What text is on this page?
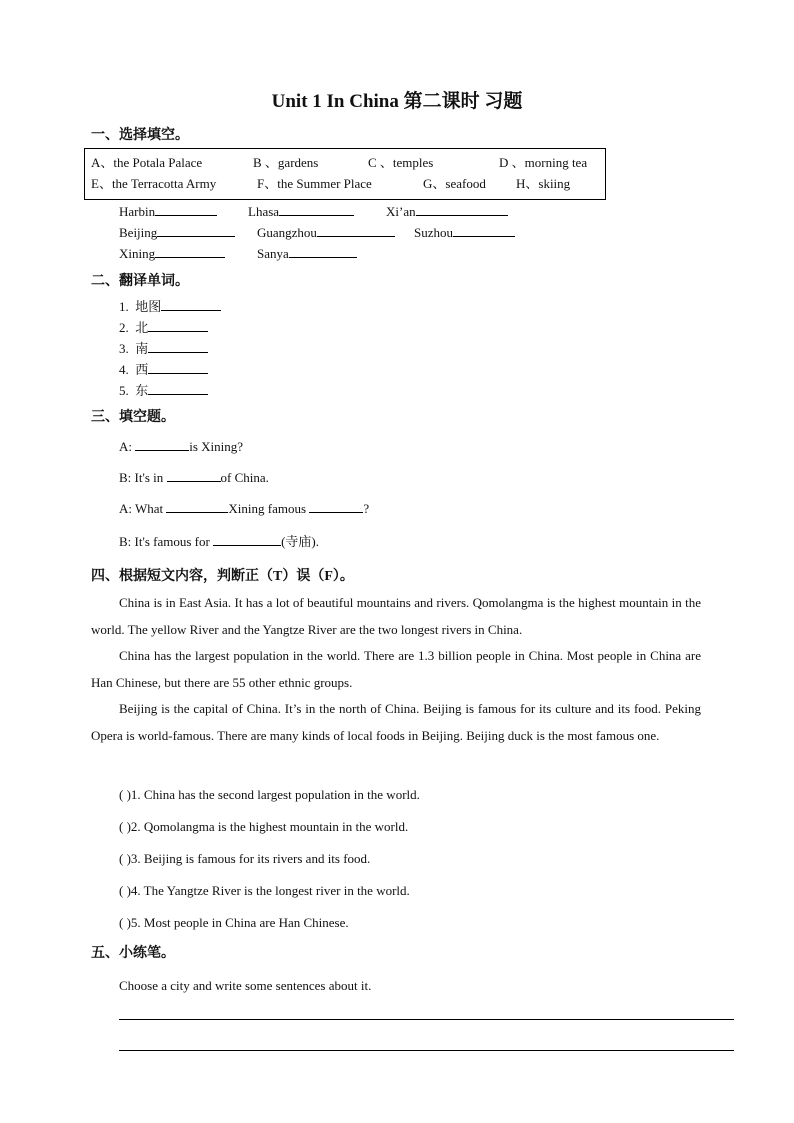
Unit 1 In China 第二课时 习题
一、选择填空。
A、the Potala Palace	B 、gardens	C 、temples	D 、morning tea
E、the Terracotta Army	F、the Summer Place	G、seafood H、skiing
Harbin	Lhasa	Xi’an
Beijing	Guangzhou	Suzhou
Xining	Sanya
二、翻译单词。
1. 地图
2. 北
3. 南
4. 西
5. 东
三、填空题。
A:	is Xining?
B: It's in	of China.
A: What	Xining famous	?
B: It's famous for	(寺庙).
四、根据短文内容，判断正（T）误（F）。
China is in East Asia. It has a lot of beautiful mountains and rivers. Qomolangma is the highest mountain in the world. The yellow River and the Yangtze River are the two longest rivers in China.
China has the largest population in the world. There are 1.3 billion people in China. Most people in China are Han Chinese, but there are 55 other ethnic groups.
Beijing is the capital of China. It’s in the north of China. Beijing is famous for its culture and its food. Peking Opera is world-famous. There are many kinds of local foods in Beijing. Beijing duck is the most famous one.
( )1. China has the second largest population in the world.
( )2. Qomolangma is the highest mountain in the world.
( )3. Beijing is famous for its rivers and its food.
( )4. The Yangtze River is the longest river in the world.
( )5. Most people in China are Han Chinese.
五、小练笔。
Choose a city and write some sentences about it.
